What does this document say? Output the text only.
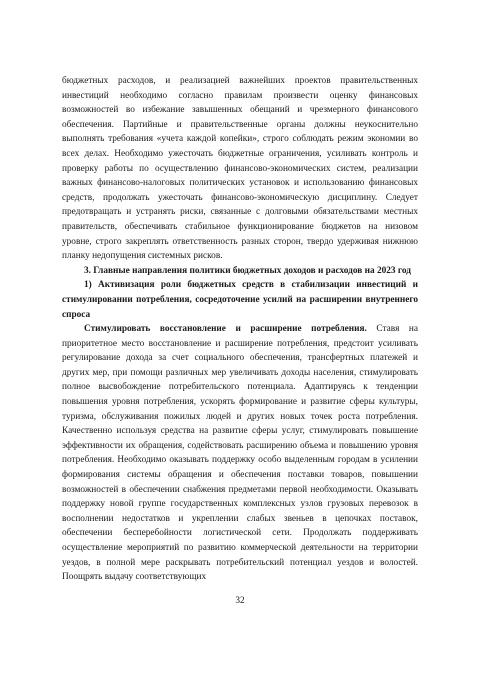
бюджетных расходов, и реализацией важнейших проектов правительственных инвестиций необходимо согласно правилам произвести оценку финансовых возможностей во избежание завышенных обещаний и чрезмерного финансового обеспечения. Партийные и правительственные органы должны неукоснительно выполнять требования «учета каждой копейки», строго соблюдать режим экономии во всех делах. Необходимо ужесточать бюджетные ограничения, усиливать контроль и проверку работы по осуществлению финансово-экономических систем, реализации важных финансово-налоговых политических установок и использованию финансовых средств, продолжать ужесточать финансово-экономическую дисциплину. Следует предотвращать и устранять риски, связанные с долговыми обязательствами местных правительств, обеспечивать стабильное функционирование бюджетов на низовом уровне, строго закреплять ответственность разных сторон, твердо удерживая нижнюю планку недопущения системных рисков.

3. Главные направления политики бюджетных доходов и расходов на 2023 год

1) Активизация роли бюджетных средств в стабилизации инвестиций и стимулировании потребления, сосредоточение усилий на расширении внутреннего спроса

Стимулировать восстановление и расширение потребления. Ставя на приоритетное место восстановление и расширение потребления, предстоит усиливать регулирование дохода за счет социального обеспечения, трансфертных платежей и других мер, при помощи различных мер увеличивать доходы населения, стимулировать полное высвобождение потребительского потенциала. Адаптируясь к тенденции повышения уровня потребления, ускорять формирование и развитие сферы культуры, туризма, обслуживания пожилых людей и других новых точек роста потребления. Качественно используя средства на развитие сферы услуг, стимулировать повышение эффективности их обращения, содействовать расширению объема и повышению уровня потребления. Необходимо оказывать поддержку особо выделенным городам в усилении формирования системы обращения и обеспечения поставки товаров, повышении возможностей в обеспечении снабжения предметами первой необходимости. Оказывать поддержку новой группе государственных комплексных узлов грузовых перевозок в восполнении недостатков и укреплении слабых звеньев в цепочках поставок, обеспечении бесперебойности логистической сети. Продолжать поддерживать осуществление мероприятий по развитию коммерческой деятельности на территории уездов, в полной мере раскрывать потребительский потенциал уездов и волостей. Поощрять выдачу соответствующих

32
